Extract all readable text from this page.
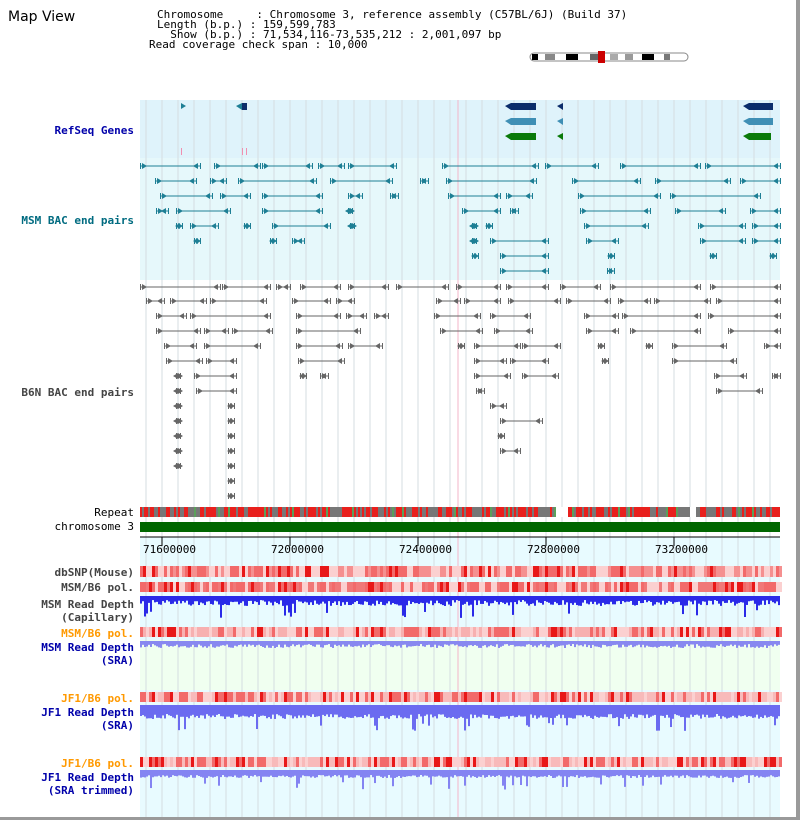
Map View	Chromosome     : Chromosome 3, reference assembly (C57BL/6J) (Build 37)
Length (b.p.) : 159,599,783
Show (b.p.) : 71,534,116-73,535,212 : 2,001,097 bp
Read coverage check span : 10,000
RefSeq Genes
MSM BAC end pairs
B6N BAC end pairs
Repeat
chromosome 3
71600000	72000000	72400000	72800000	73200000
dbSNP(Mouse)
MSM/B6 pol.
MSM Read Depth
(Capillary)
MSM/B6 pol.
MSM Read Depth
(SRA)
JF1/B6 pol.
JF1 Read Depth
(SRA)
JF1/B6 pol.
JF1 Read Depth
(SRA trimmed)
